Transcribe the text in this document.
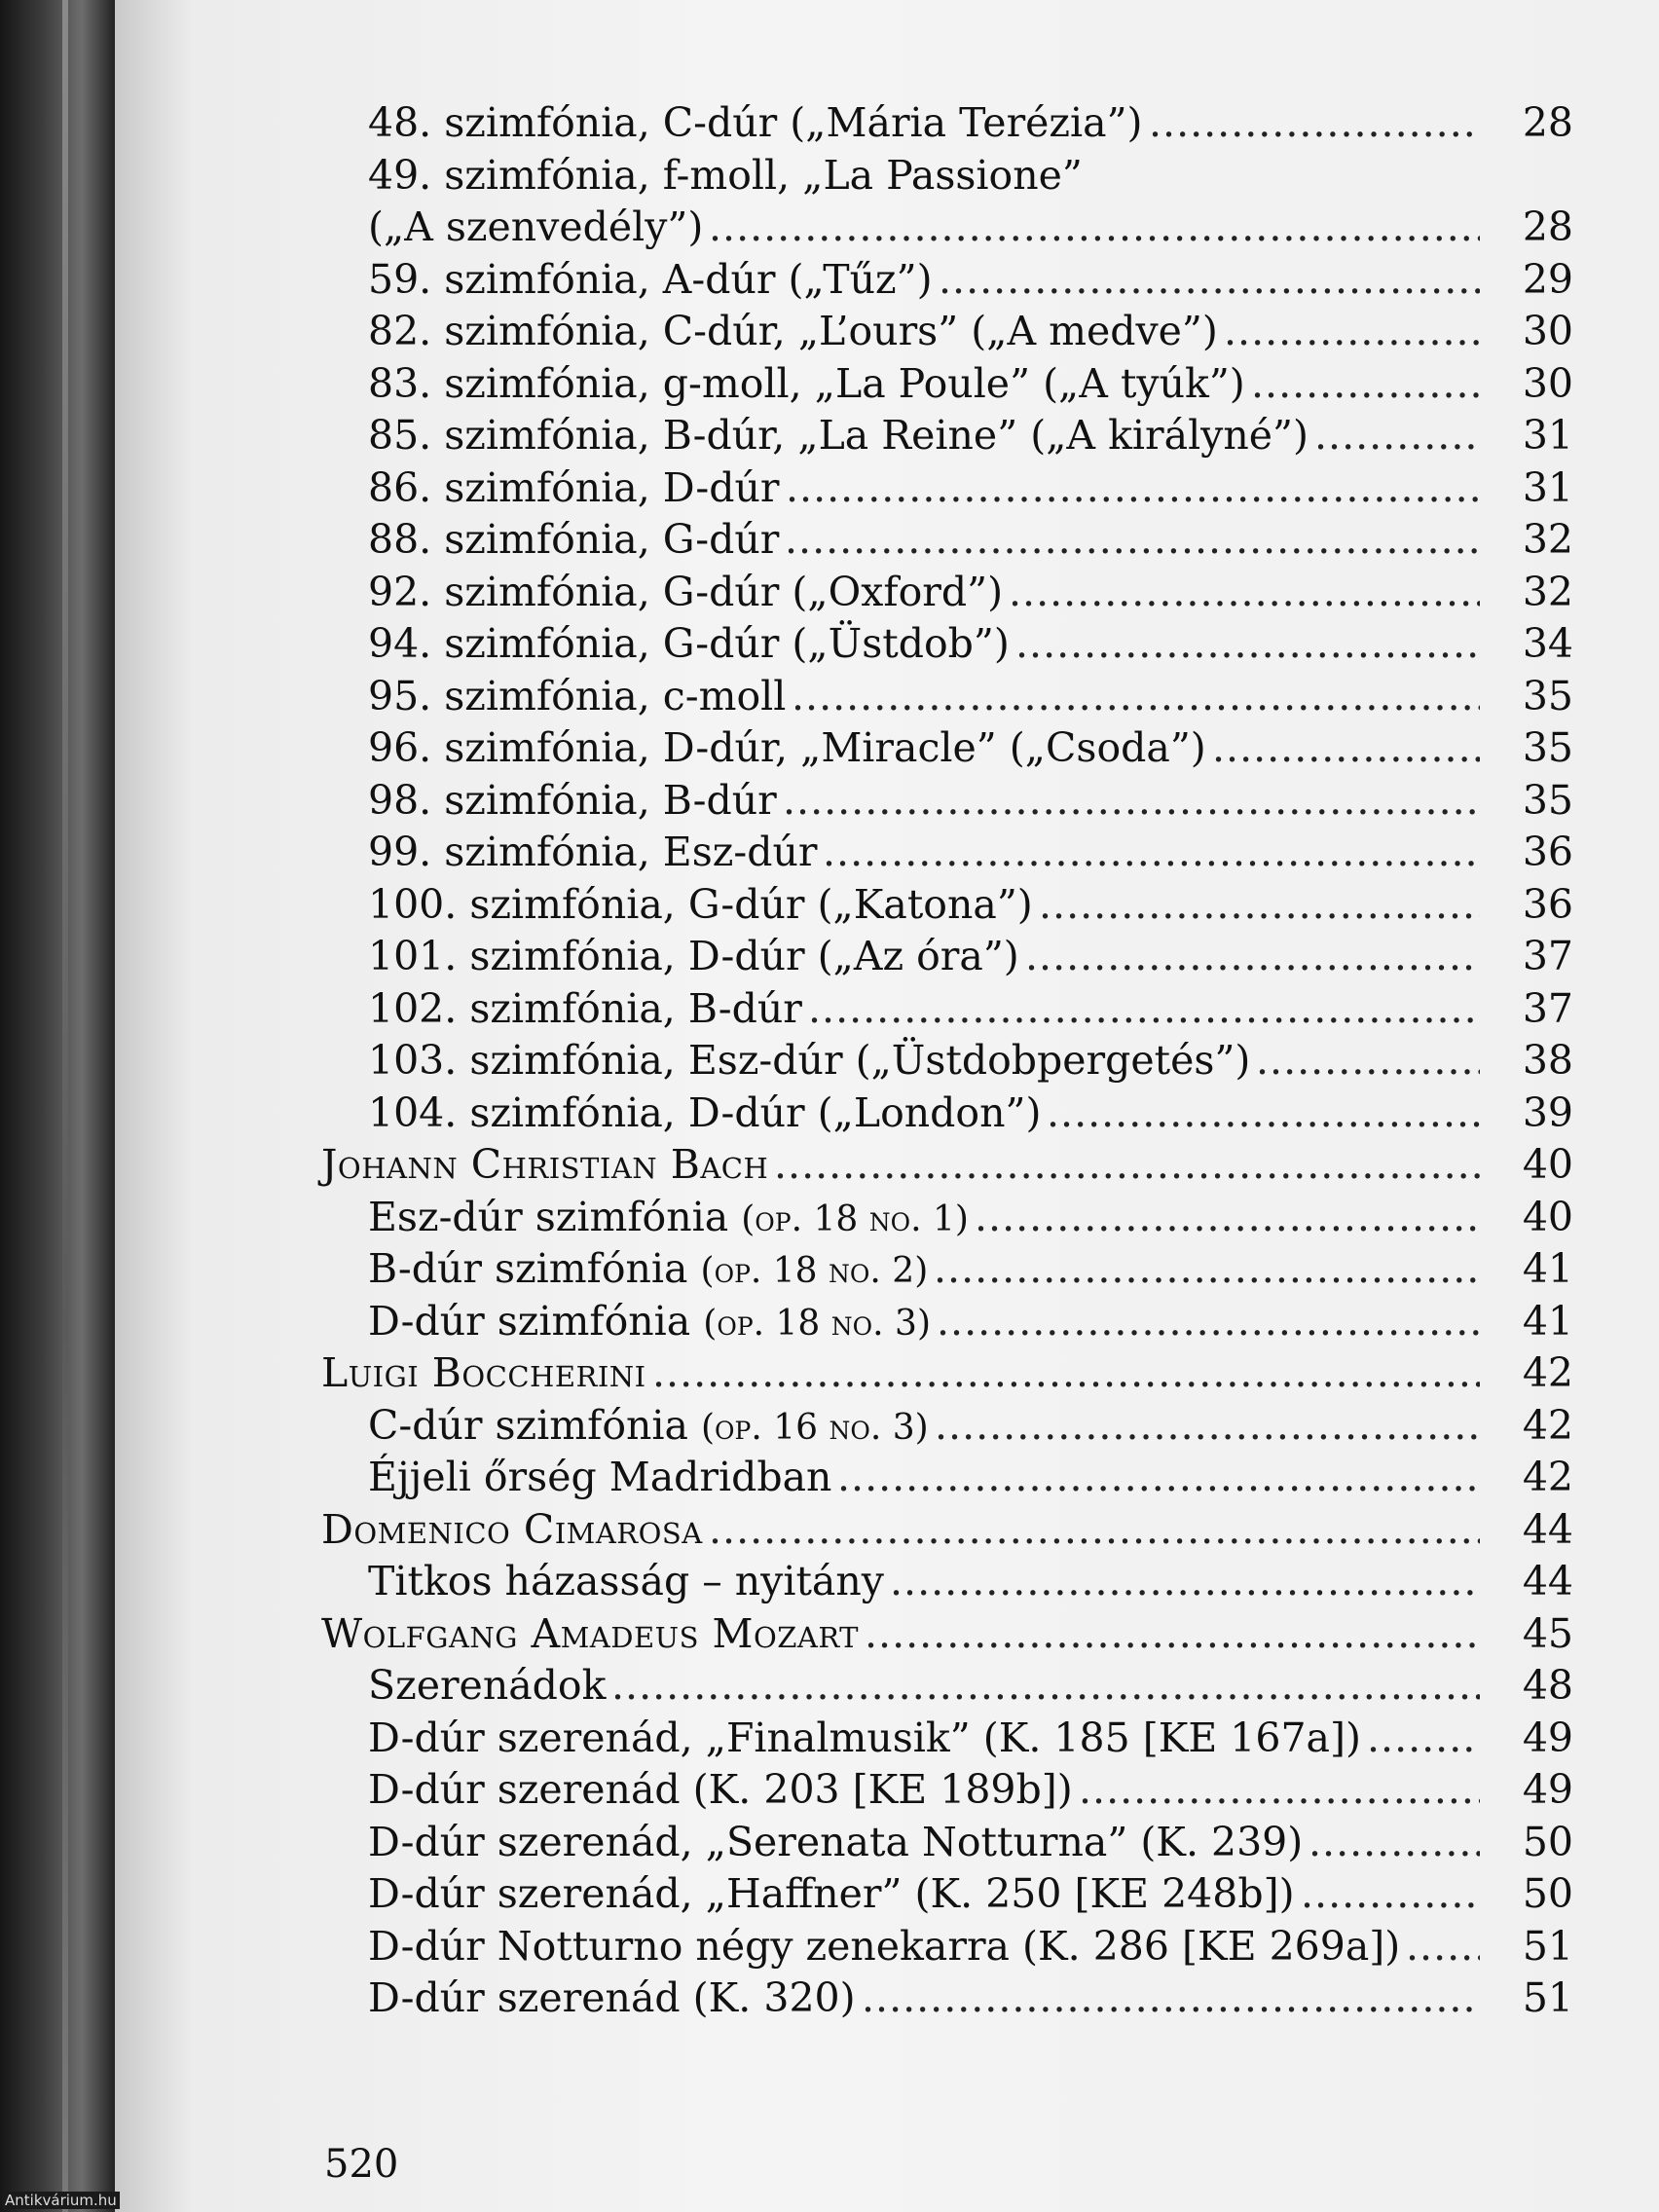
48. szimfónia, C-dúr („Mária Terézia”) .....	28
49. szimfónia, f-moll, „La Passione”
(„A szenvedély”) .....	28
59. szimfónia, A-dúr („Tűz”) .....	29
82. szimfónia, C-dúr, „L’ours” („A medve”) .....	30
83. szimfónia, g-moll, „La Poule” („A tyúk”) .....	30
85. szimfónia, B-dúr, „La Reine” („A királyné”) .....	31
86. szimfónia, D-dúr .....	31
88. szimfónia, G-dúr .....	32
92. szimfónia, G-dúr („Oxford”) .....	32
94. szimfónia, G-dúr („Üstdob”) .....	34
95. szimfónia, c-moll .....	35
96. szimfónia, D-dúr, „Miracle” („Csoda”) .....	35
98. szimfónia, B-dúr .....	35
99. szimfónia, Esz-dúr .....	36
100. szimfónia, G-dúr („Katona”) .....	36
101. szimfónia, D-dúr („Az óra”) .....	37
102. szimfónia, B-dúr .....	37
103. szimfónia, Esz-dúr („Üstdobpergetés”) .....	38
104. szimfónia, D-dúr („London”) .....	39
Johann Christian Bach .....	40
Esz-dúr szimfónia (op. 18 no. 1) .....	40
B-dúr szimfónia (op. 18 no. 2) .....	41
D-dúr szimfónia (op. 18 no. 3) .....	41
Luigi Boccherini .....	42
C-dúr szimfónia (op. 16 no. 3) .....	42
Éjjeli őrség Madridban .....	42
Domenico Cimarosa .....	44
Titkos házasság – nyitány .....	44
Wolfgang Amadeus Mozart .....	45
Szerenádok .....	48
D-dúr szerenád, „Finalmusik” (K. 185 [KE 167a]) .....	49
D-dúr szerenád (K. 203 [KE 189b]) .....	49
D-dúr szerenád, „Serenata Notturna” (K. 239) .....	50
D-dúr szerenád, „Haffner” (K. 250 [KE 248b]) .....	50
D-dúr Notturno négy zenekarra (K. 286 [KE 269a]) .....	51
D-dúr szerenád (K. 320) .....	51
520
Antikvárium.hu
